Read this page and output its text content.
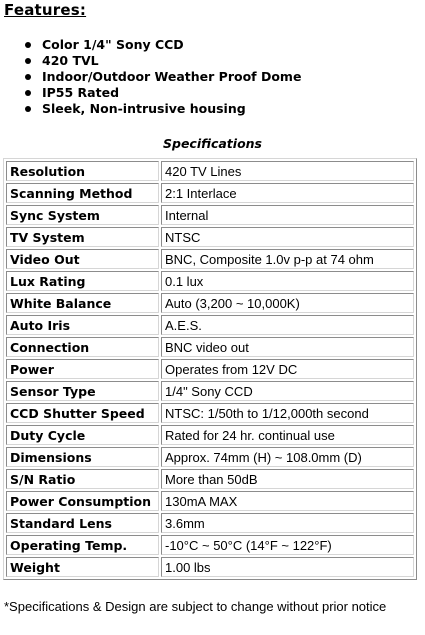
Features:
Color 1/4" Sony CCD
420 TVL
Indoor/Outdoor Weather Proof Dome
IP55 Rated
Sleek, Non-intrusive housing

Specifications

Resolution	420 TV Lines
Scanning Method	2:1 Interlace
Sync System	Internal
TV System	NTSC
Video Out	BNC, Composite 1.0v p-p at 74 ohm
Lux Rating	0.1 lux
White Balance	Auto (3,200 ~ 10,000K)
Auto Iris	A.E.S.
Connection	BNC video out
Power	Operates from 12V DC
Sensor Type	1/4" Sony CCD
CCD Shutter Speed	NTSC: 1/50th to 1/12,000th second
Duty Cycle	Rated for 24 hr. continual use
Dimensions	Approx. 74mm (H) ~ 108.0mm (D)
S/N Ratio	More than 50dB
Power Consumption	130mA MAX
Standard Lens	3.6mm
Operating Temp.	-10°C ~ 50°C (14°F ~ 122°F)
Weight	1.00 lbs

*Specifications & Design are subject to change without prior notice
